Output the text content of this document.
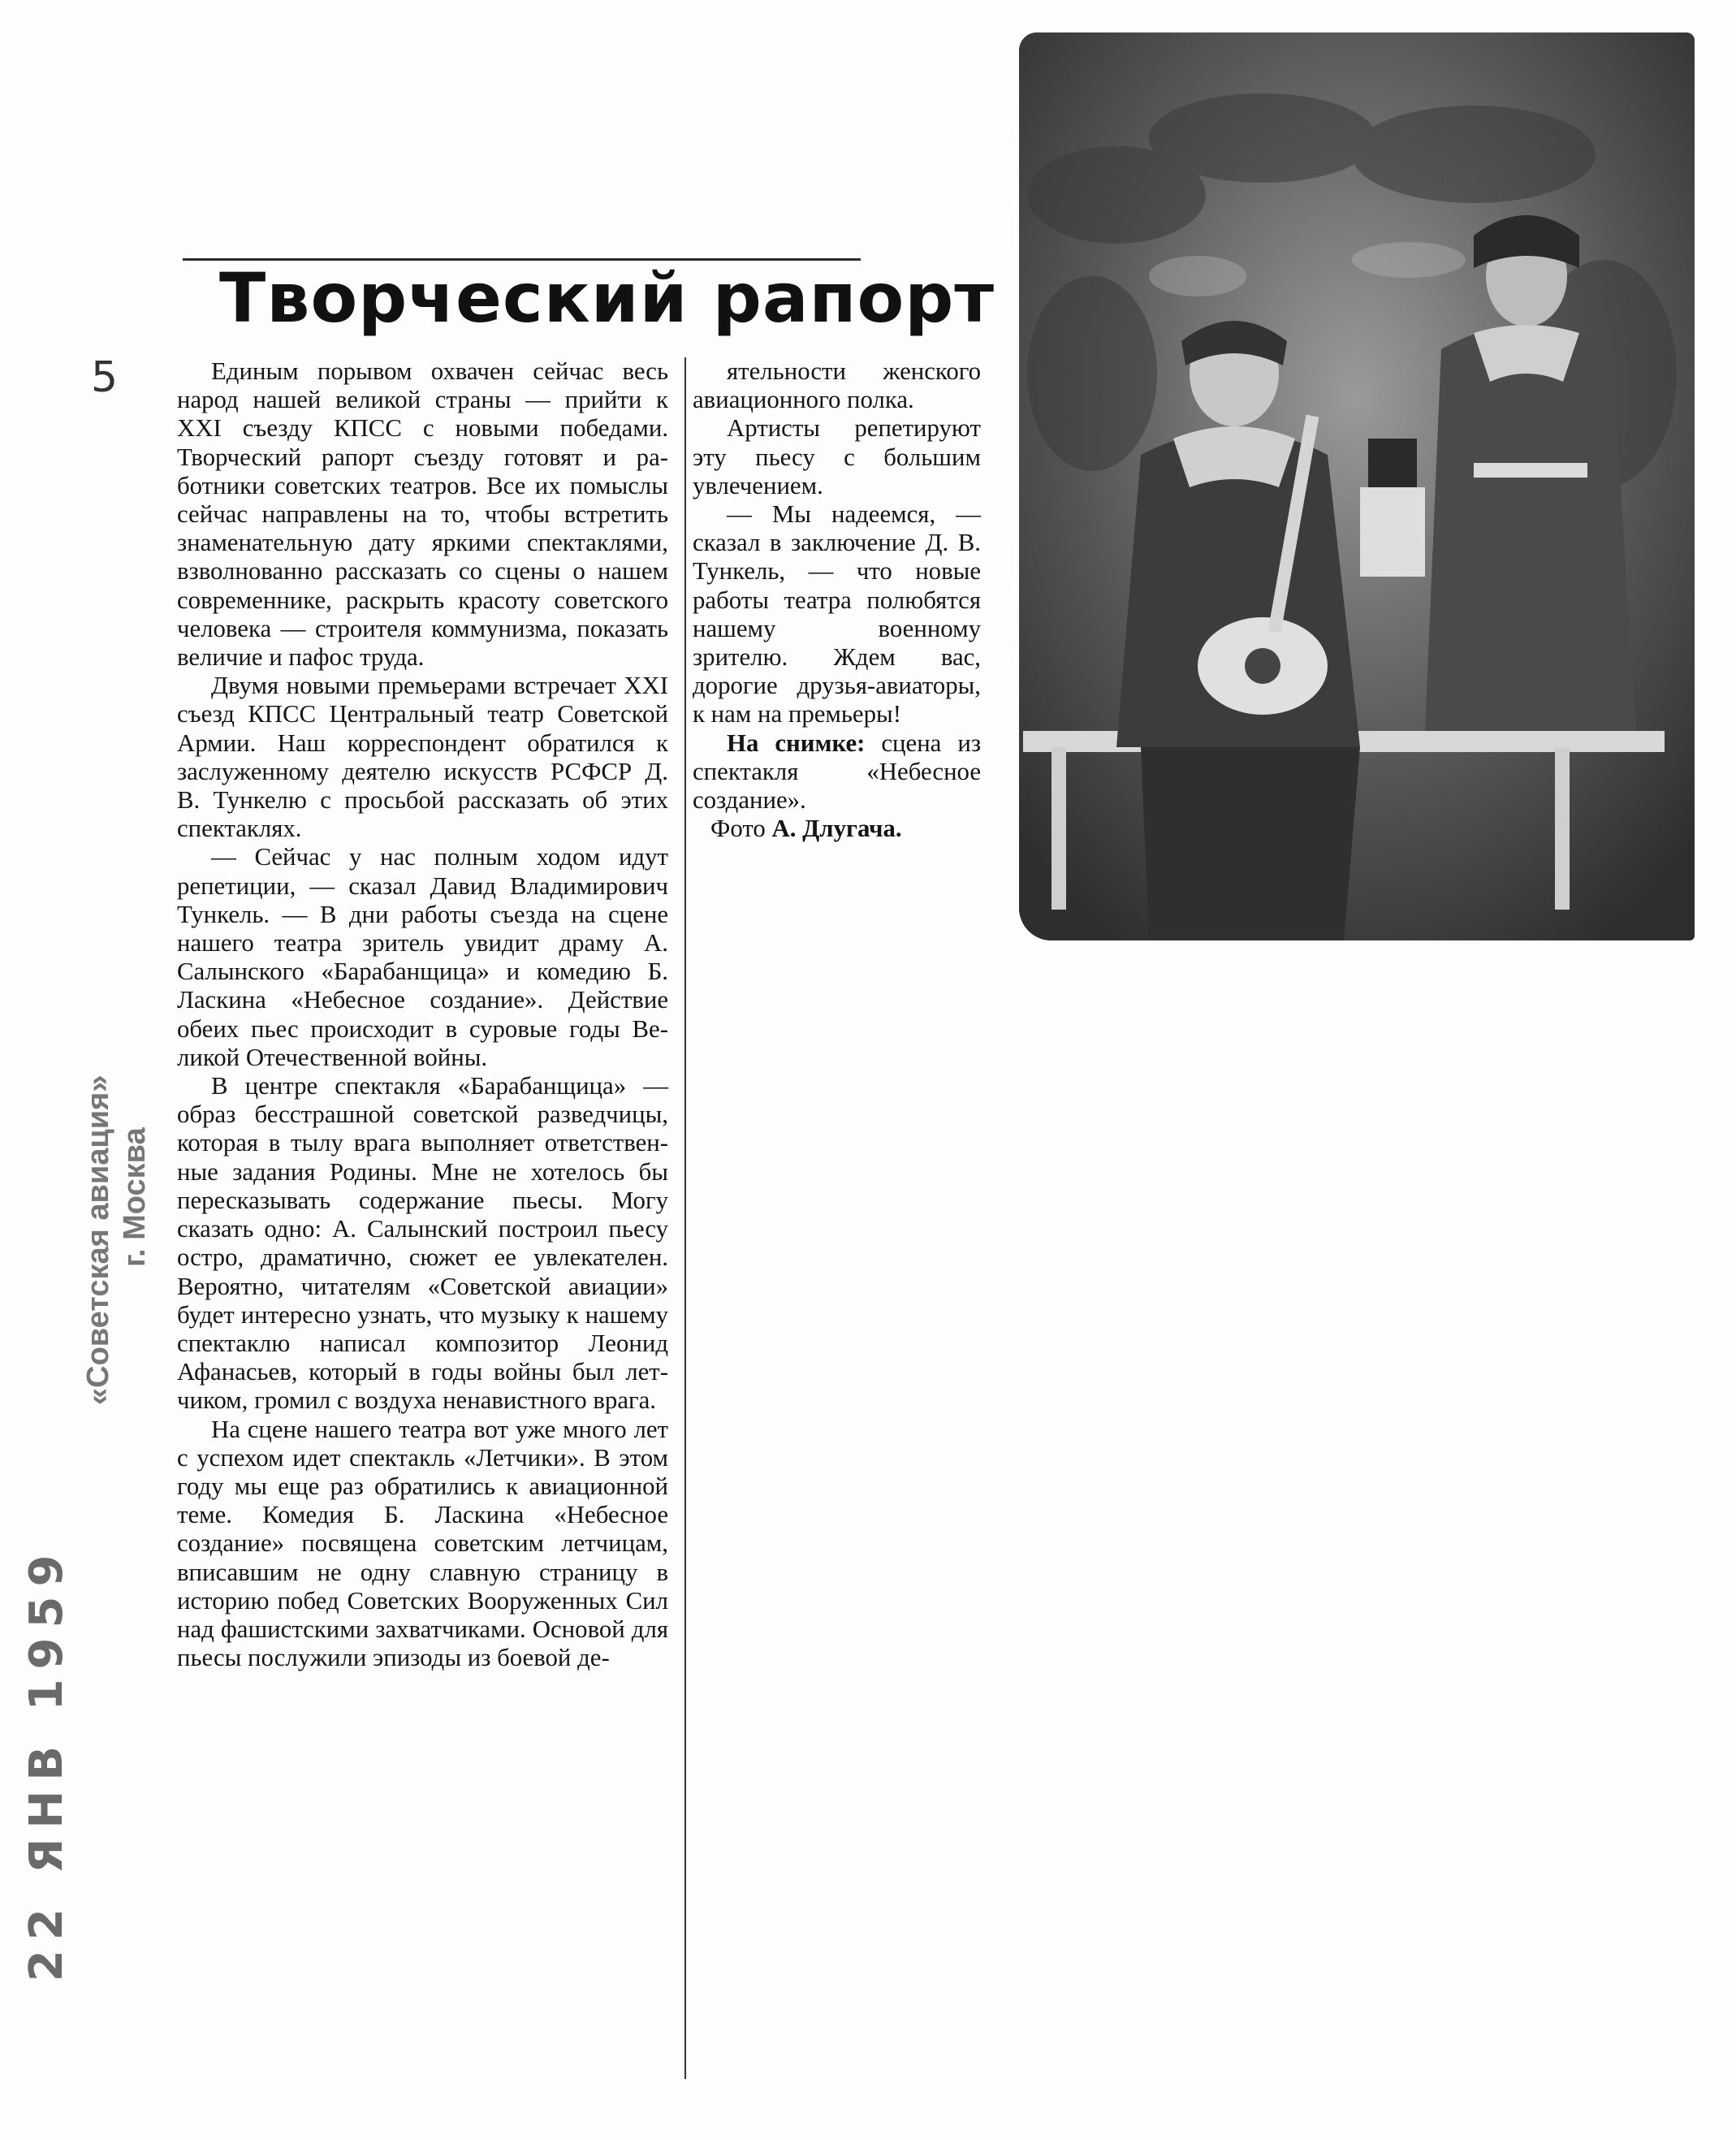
Творческий рапорт
5	Единым порывом охвачен сейчас весь народ нашей великой страны — прийти к XXI съезду КПСС с новыми победами. Творческий рапорт съезду готовят и работники советских театров. Все их помыслы сейчас направлены на то, чтобы встретить знаменательную дату яркими спектаклями, взволнованно рассказать со сцены о нашем современнике, раскрыть красоту советского человека — строителя коммунизма, показать величие и пафос труда.

Двумя новыми премьерами встречает XXI съезд КПСС Центральный театр Советской Армии. Наш корреспондент обратился к заслуженному деятелю искусств РСФСР Д. В. Тункелю с просьбой рассказать об этих спектаклях.

— Сейчас у нас полным ходом идут репетиции, — сказал Давид Владимирович Тункель. — В дни работы съезда на сцене нашего театра зритель увидит драму А. Салынского «Барабанщица» и комедию Б. Ласкина «Небесное создание». Действие обеих пьес происходит в суровые годы Великой Отечественной войны.

В центре спектакля «Барабанщица» — образ бесстрашной советской разведчицы, которая в тылу врага выполняет ответственные задания Родины. Мне не хотелось бы пересказывать содержание пьесы. Могу сказать одно: А. Салынский построил пьесу остро, драматично, сюжет ее увлекателен. Вероятно, читателям «Советской авиации» будет интересно узнать, что музыку к нашему спектаклю написал композитор Леонид Афанасьев, который в годы войны был летчиком, громил с воздуха ненавистного врага.

На сцене нашего театра вот уже много лет с успехом идет спектакль «Летчики». В этом году мы еще раз обратились к авиационной теме. Комедия Б. Ласкина «Небесное создание» посвящена советским летчицам, вписавшим не одну славную страницу в историю побед Советских Вооруженных Сил над фашистскими захватчиками. Основой для пьесы послужили эпизоды из боевой де-

ятельности женского авиационного полка.

Артисты репетируют эту пьесу с большим увлечением.

— Мы надеемся, — сказал в заключение Д. В. Тункель, — что новые работы театра полюбятся нашему военному зрителю. Ждем вас, дорогие друзья-авиаторы, к нам на премьеры!

На снимке: сцена из спектакля «Небесное создание».

Фото А. Длугача.

22 ЯНВ 1959
«Советская авиация» г. Москва
